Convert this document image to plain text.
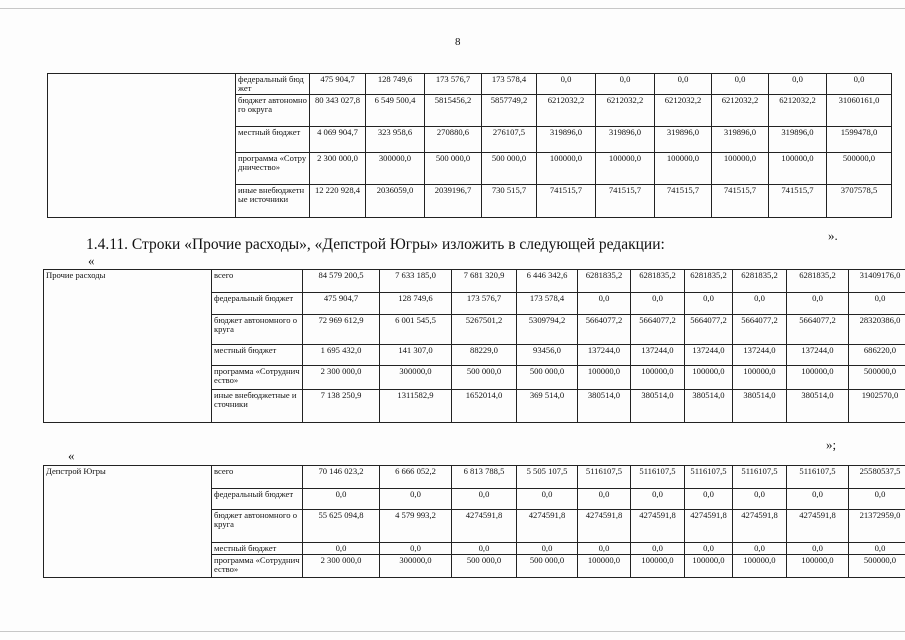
8
	федеральный бюджет	475 904,7	128 749,6	173 576,7	173 578,4	0,0	0,0	0,0	0,0	0,0	0,0
	бюджет автономного округа	80 343 027,8	6 549 500,4	5815456,2	5857749,2	6212032,2	6212032,2	6212032,2	6212032,2	6212032,2	31060161,0
	местный бюджет	4 069 904,7	323 958,6	270880,6	276107,5	319896,0	319896,0	319896,0	319896,0	319896,0	1599478,0
	программа «Сотрудничество»	2 300 000,0	300000,0	500 000,0	500 000,0	100000,0	100000,0	100000,0	100000,0	100000,0	500000,0
	иные внебюджетные источники	12 220 928,4	2036059,0	2039196,7	730 515,7	741515,7	741515,7	741515,7	741515,7	741515,7	3707578,5
1.4.11. Строки «Прочие расходы», «Депстрой Югры» изложить в следующей редакции:
».
«
Прочие расходы	всего	84 579 200,5	7 633 185,0	7 681 320,9	6 446 342,6	6281835,2	6281835,2	6281835,2	6281835,2	6281835,2	31409176,0
	федеральный бюджет	475 904,7	128 749,6	173 576,7	173 578,4	0,0	0,0	0,0	0,0	0,0	0,0
	бюджет автономного округа	72 969 612,9	6 001 545,5	5267501,2	5309794,2	5664077,2	5664077,2	5664077,2	5664077,2	5664077,2	28320386,0
	местный бюджет	1 695 432,0	141 307,0	88229,0	93456,0	137244,0	137244,0	137244,0	137244,0	137244,0	686220,0
	программа «Сотрудничество»	2 300 000,0	300000,0	500 000,0	500 000,0	100000,0	100000,0	100000,0	100000,0	100000,0	500000,0
	иные внебюджетные источники	7 138 250,9	1311582,9	1652014,0	369 514,0	380514,0	380514,0	380514,0	380514,0	380514,0	1902570,0
»;
«
Депстрой Югры	всего	70 146 023,2	6 666 052,2	6 813 788,5	5 505 107,5	5116107,5	5116107,5	5116107,5	5116107,5	5116107,5	25580537,5
	федеральный бюджет	0,0	0,0	0,0	0,0	0,0	0,0	0,0	0,0	0,0	0,0
	бюджет автономного округа	55 625 094,8	4 579 993,2	4274591,8	4274591,8	4274591,8	4274591,8	4274591,8	4274591,8	4274591,8	21372959,0
	местный бюджет	0,0	0,0	0,0	0,0	0,0	0,0	0,0	0,0	0,0	0,0
	программа «Сотрудничество»	2 300 000,0	300000,0	500 000,0	500 000,0	100000,0	100000,0	100000,0	100000,0	100000,0	500000,0
